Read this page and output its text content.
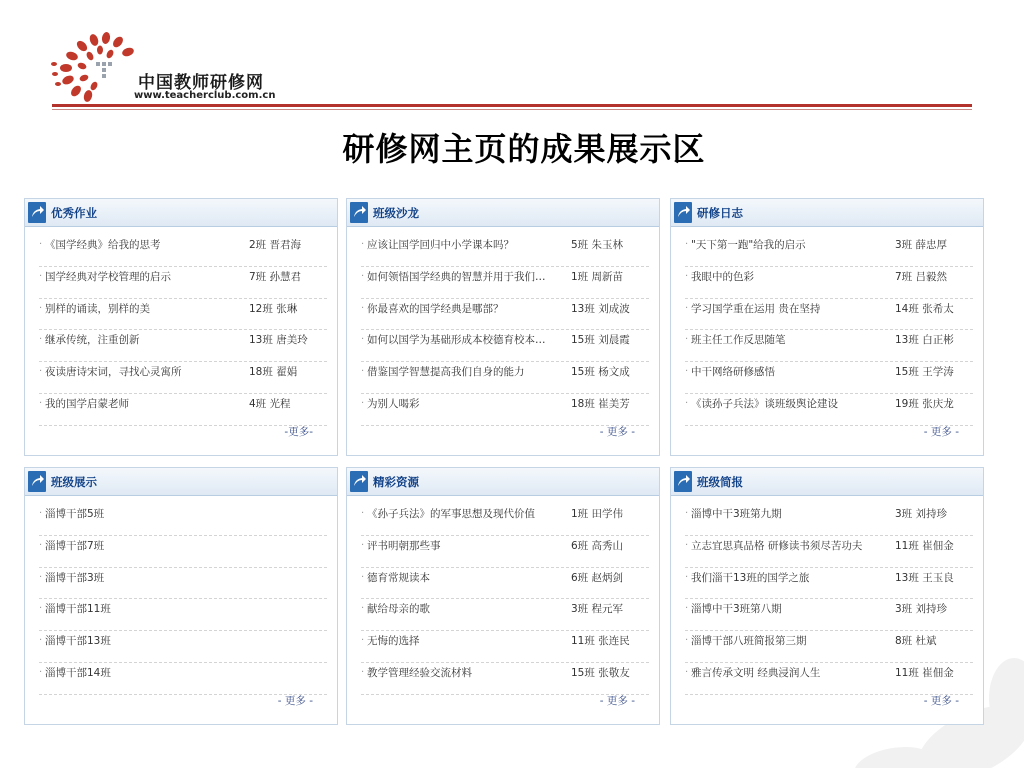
中国教师研修网
www.teacherclub.com.cn
研修网主页的成果展示区
优秀作业
· 《国学经典》给我的思考	2班 晋君海
· 国学经典对学校管理的启示	7班 孙慧君
· 别样的诵读，别样的美	12班 张琳
· 继承传统，注重创新	13班 唐美玲
· 夜读唐诗宋词，寻找心灵寓所	18班 翟娟
· 我的国学启蒙老师	4班 光程
-更多-
班级沙龙
· 应该让国学回归中小学课本吗？	5班 朱玉林
· 如何领悟国学经典的智慧并用于我们…	1班 周新苗
· 你最喜欢的国学经典是哪部？	13班 刘成波
· 如何以国学为基础形成本校德育校本…	15班 刘晨霞
· 借鉴国学智慧提高我们自身的能力	15班 杨文成
· 为别人喝彩	18班 崔美芳
- 更多 -
研修日志
· "天下第一跑"给我的启示	3班 薛忠厚
· 我眼中的色彩	7班 吕毅然
· 学习国学重在运用 贵在坚持	14班 张希太
· 班主任工作反思随笔	13班 白正彬
· 中干网络研修感悟	15班 王学涛
· 《读孙子兵法》谈班级舆论建设	19班 张庆龙
- 更多 -
班级展示
· 淄博干部5班
· 淄博干部7班
· 淄博干部3班
· 淄博干部11班
· 淄博干部13班
· 淄博干部14班
- 更多 -
精彩资源
· 《孙子兵法》的军事思想及现代价值	1班 田学伟
· 评书明朝那些事	6班 高秀山
· 德育常规读本	6班 赵炳剑
· 献给母亲的歌	3班 程元军
· 无悔的选择	11班 张连民
· 教学管理经验交流材料	15班 张敬友
- 更多 -
班级简报
· 淄博中干3班第九期	3班 刘持珍
· 立志宜思真品格 研修读书须尽苦功夫	11班 崔佃金
· 我们淄干13班的国学之旅	13班 王玉良
· 淄博中干3班第八期	3班 刘持珍
· 淄博干部八班简报第三期	8班 杜斌
· 雅言传承文明 经典浸润人生	11班 崔佃金
- 更多 -
